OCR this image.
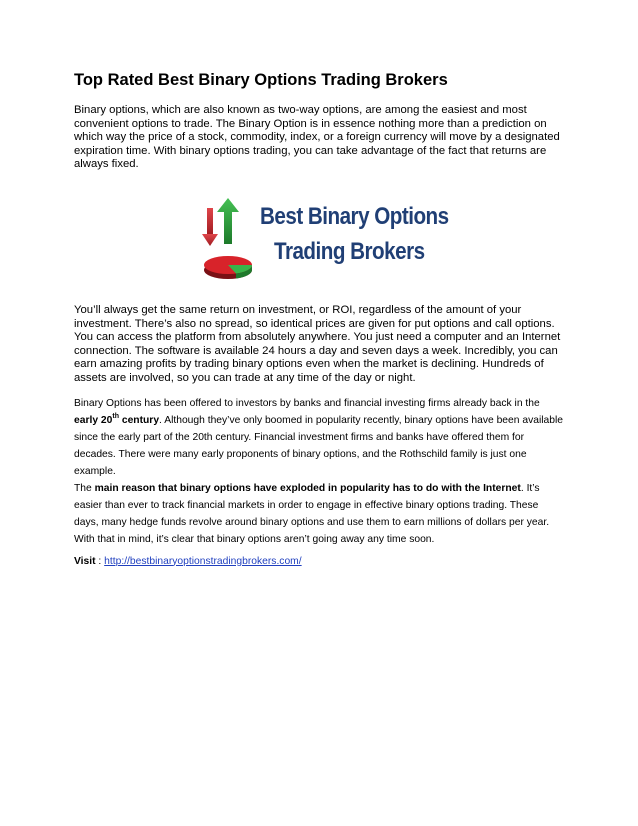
Top Rated Best Binary Options Trading Brokers

Binary options, which are also known as two-way options, are among the easiest and most convenient options to trade. The Binary Option is in essence nothing more than a prediction on which way the price of a stock, commodity, index, or a foreign currency will move by a designated expiration time. With binary options trading, you can take advantage of the fact that returns are always fixed.

Best Binary Options
Trading Brokers

You’ll always get the same return on investment, or ROI, regardless of the amount of your investment. There’s also no spread, so identical prices are given for put options and call options. You can access the platform from absolutely anywhere. You just need a computer and an Internet connection. The software is available 24 hours a day and seven days a week. Incredibly, you can earn amazing profits by trading binary options even when the market is declining. Hundreds of assets are involved, so you can trade at any time of the day or night.

Binary Options has been offered to investors by banks and financial investing firms already back in the early 20th century. Although they’ve only boomed in popularity recently, binary options have been available since the early part of the 20th century. Financial investment firms and banks have offered them for decades. There were many early proponents of binary options, and the Rothschild family is just one example.

The main reason that binary options have exploded in popularity has to do with the Internet. It’s easier than ever to track financial markets in order to engage in effective binary options trading. These days, many hedge funds revolve around binary options and use them to earn millions of dollars per year. With that in mind, it’s clear that binary options aren’t going away any time soon.

Visit : http://bestbinaryoptionstradingbrokers.com/
